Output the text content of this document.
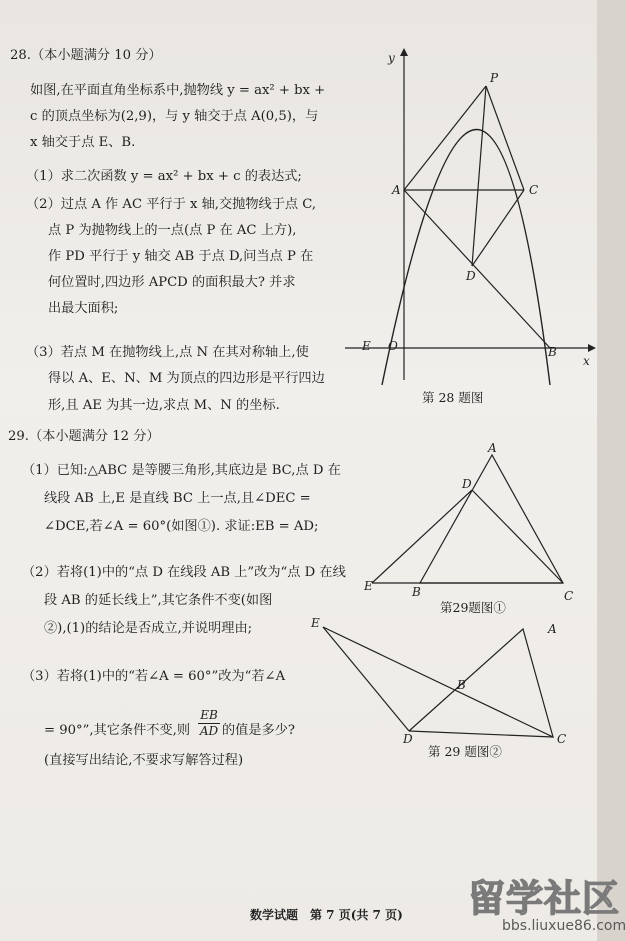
28.（本小题满分 10 分）
如图,在平面直角坐标系中,抛物线 y = ax² + bx +
c 的顶点坐标为(2,9)，与 y 轴交于点 A(0,5)，与
x 轴交于点 E、B.
（1）求二次函数 y = ax² + bx + c 的表达式;
（2）过点 A 作 AC 平行于 x 轴,交抛物线于点 C,
点 P 为抛物线上的一点(点 P 在 AC 上方),
作 PD 平行于 y 轴交 AB 于点 D,问当点 P 在
何位置时,四边形 APCD 的面积最大? 并求
出最大面积;
（3）若点 M 在抛物线上,点 N 在其对称轴上,使
得以 A、E、N、M 为顶点的四边形是平行四边
形,且 AE 为其一边,求点 M、N 的坐标.
y
x
P
A	C
D
E O	B
第 28 题图
29.（本小题满分 12 分）
（1）已知:△ABC 是等腰三角形,其底边是 BC,点 D 在
线段 AB 上,E 是直线 BC 上一点,且∠DEC =
∠DCE,若∠A = 60°(如图①). 求证:EB = AD;
（2）若将(1)中的“点 D 在线段 AB 上”改为“点 D 在线
段 AB 的延长线上”,其它条件不变(如图
②),(1)的结论是否成立,并说明理由;
（3）若将(1)中的“若∠A = 60°”改为“若∠A
= 90°”,其它条件不变,则 $\frac{EB}{AD}$ 的值是多少?
(直接写出结论,不要求写解答过程)
A
D
E	B	C
第29题图①
E	A
B
D	C
第 29 题图②
数学试题　第 7 页(共 7 页) 留学社区
bbs.liuxue86.com
